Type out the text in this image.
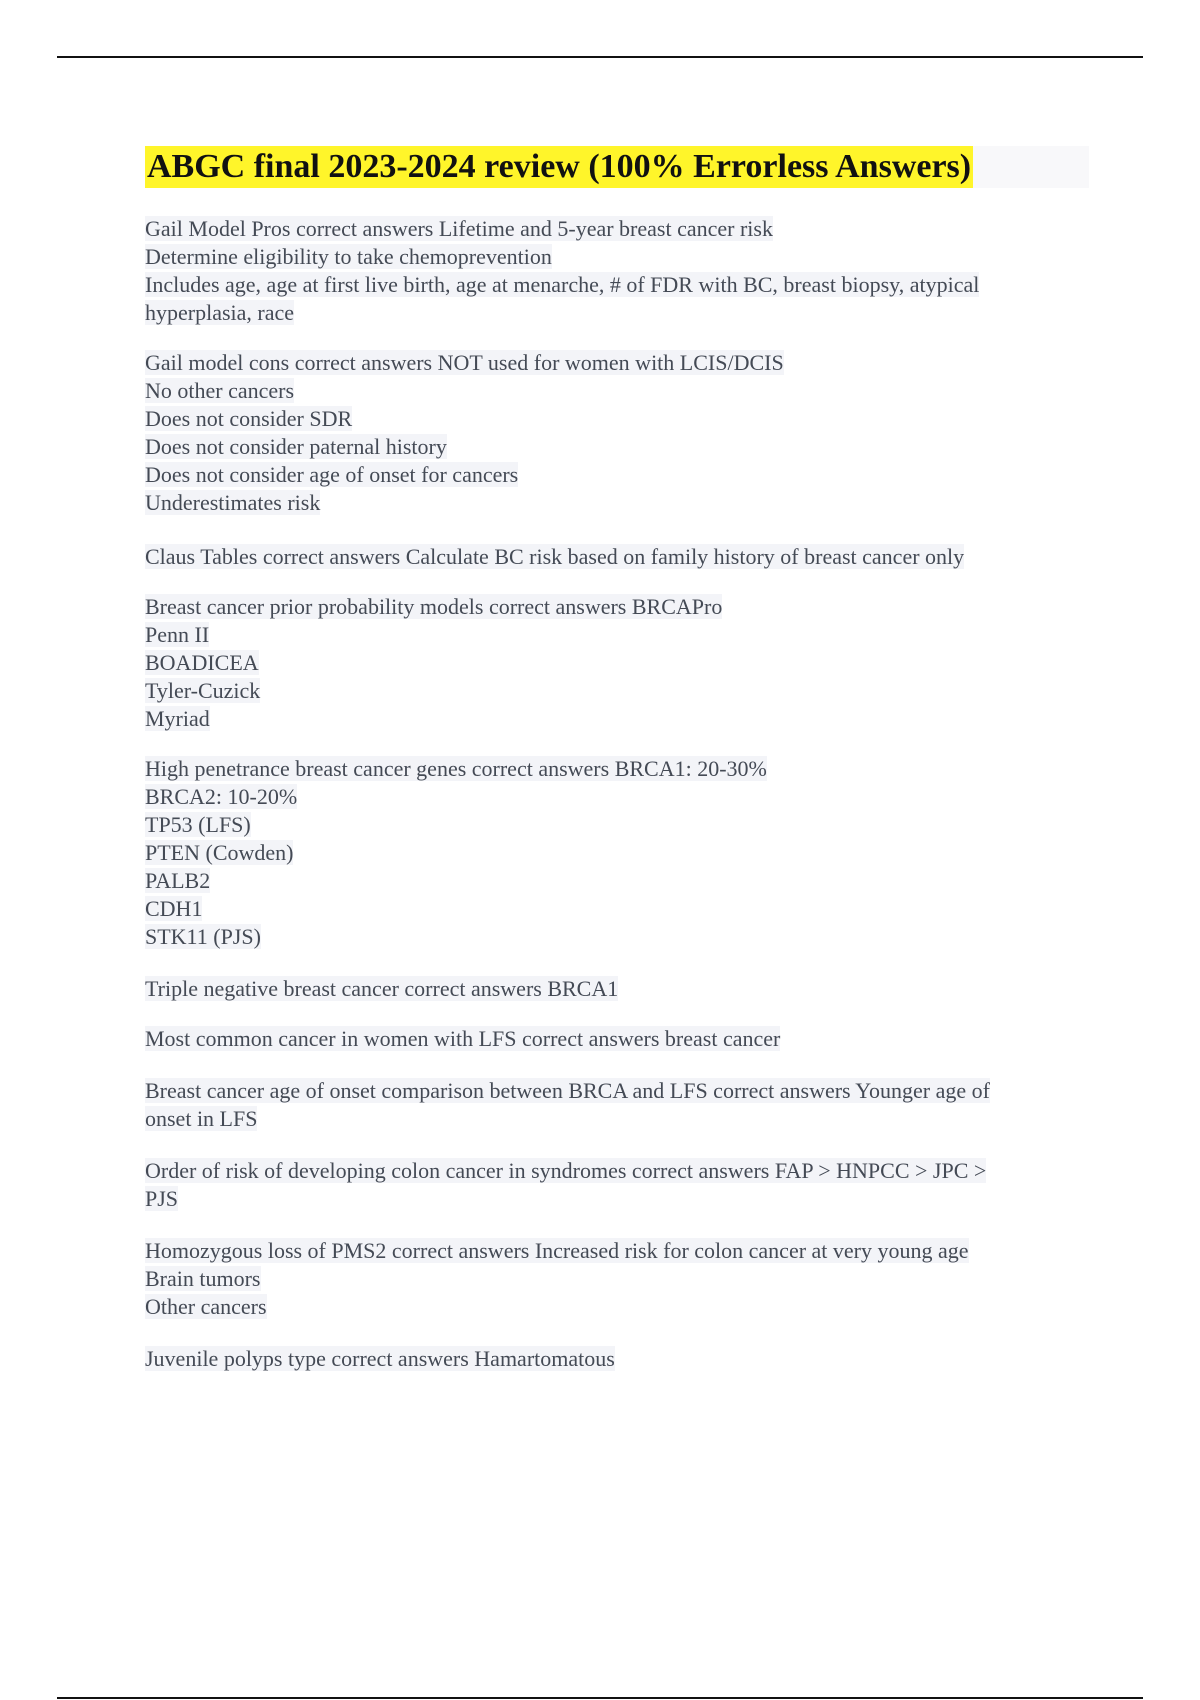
ABGC final 2023-2024 review (100% Errorless Answers)
Gail Model Pros correct answers Lifetime and 5-year breast cancer risk
Determine eligibility to take chemoprevention
Includes age, age at first live birth, age at menarche, # of FDR with BC, breast biopsy, atypical
hyperplasia, race
Gail model cons correct answers NOT used for women with LCIS/DCIS
No other cancers
Does not consider SDR
Does not consider paternal history
Does not consider age of onset for cancers
Underestimates risk
Claus Tables correct answers Calculate BC risk based on family history of breast cancer only
Breast cancer prior probability models correct answers BRCAPro
Penn II
BOADICEA
Tyler-Cuzick
Myriad
High penetrance breast cancer genes correct answers BRCA1: 20-30%
BRCA2: 10-20%
TP53 (LFS)
PTEN (Cowden)
PALB2
CDH1
STK11 (PJS)
Triple negative breast cancer correct answers BRCA1
Most common cancer in women with LFS correct answers breast cancer
Breast cancer age of onset comparison between BRCA and LFS correct answers Younger age of
onset in LFS
Order of risk of developing colon cancer in syndromes correct answers FAP > HNPCC > JPC >
PJS
Homozygous loss of PMS2 correct answers Increased risk for colon cancer at very young age
Brain tumors
Other cancers
Juvenile polyps type correct answers Hamartomatous
